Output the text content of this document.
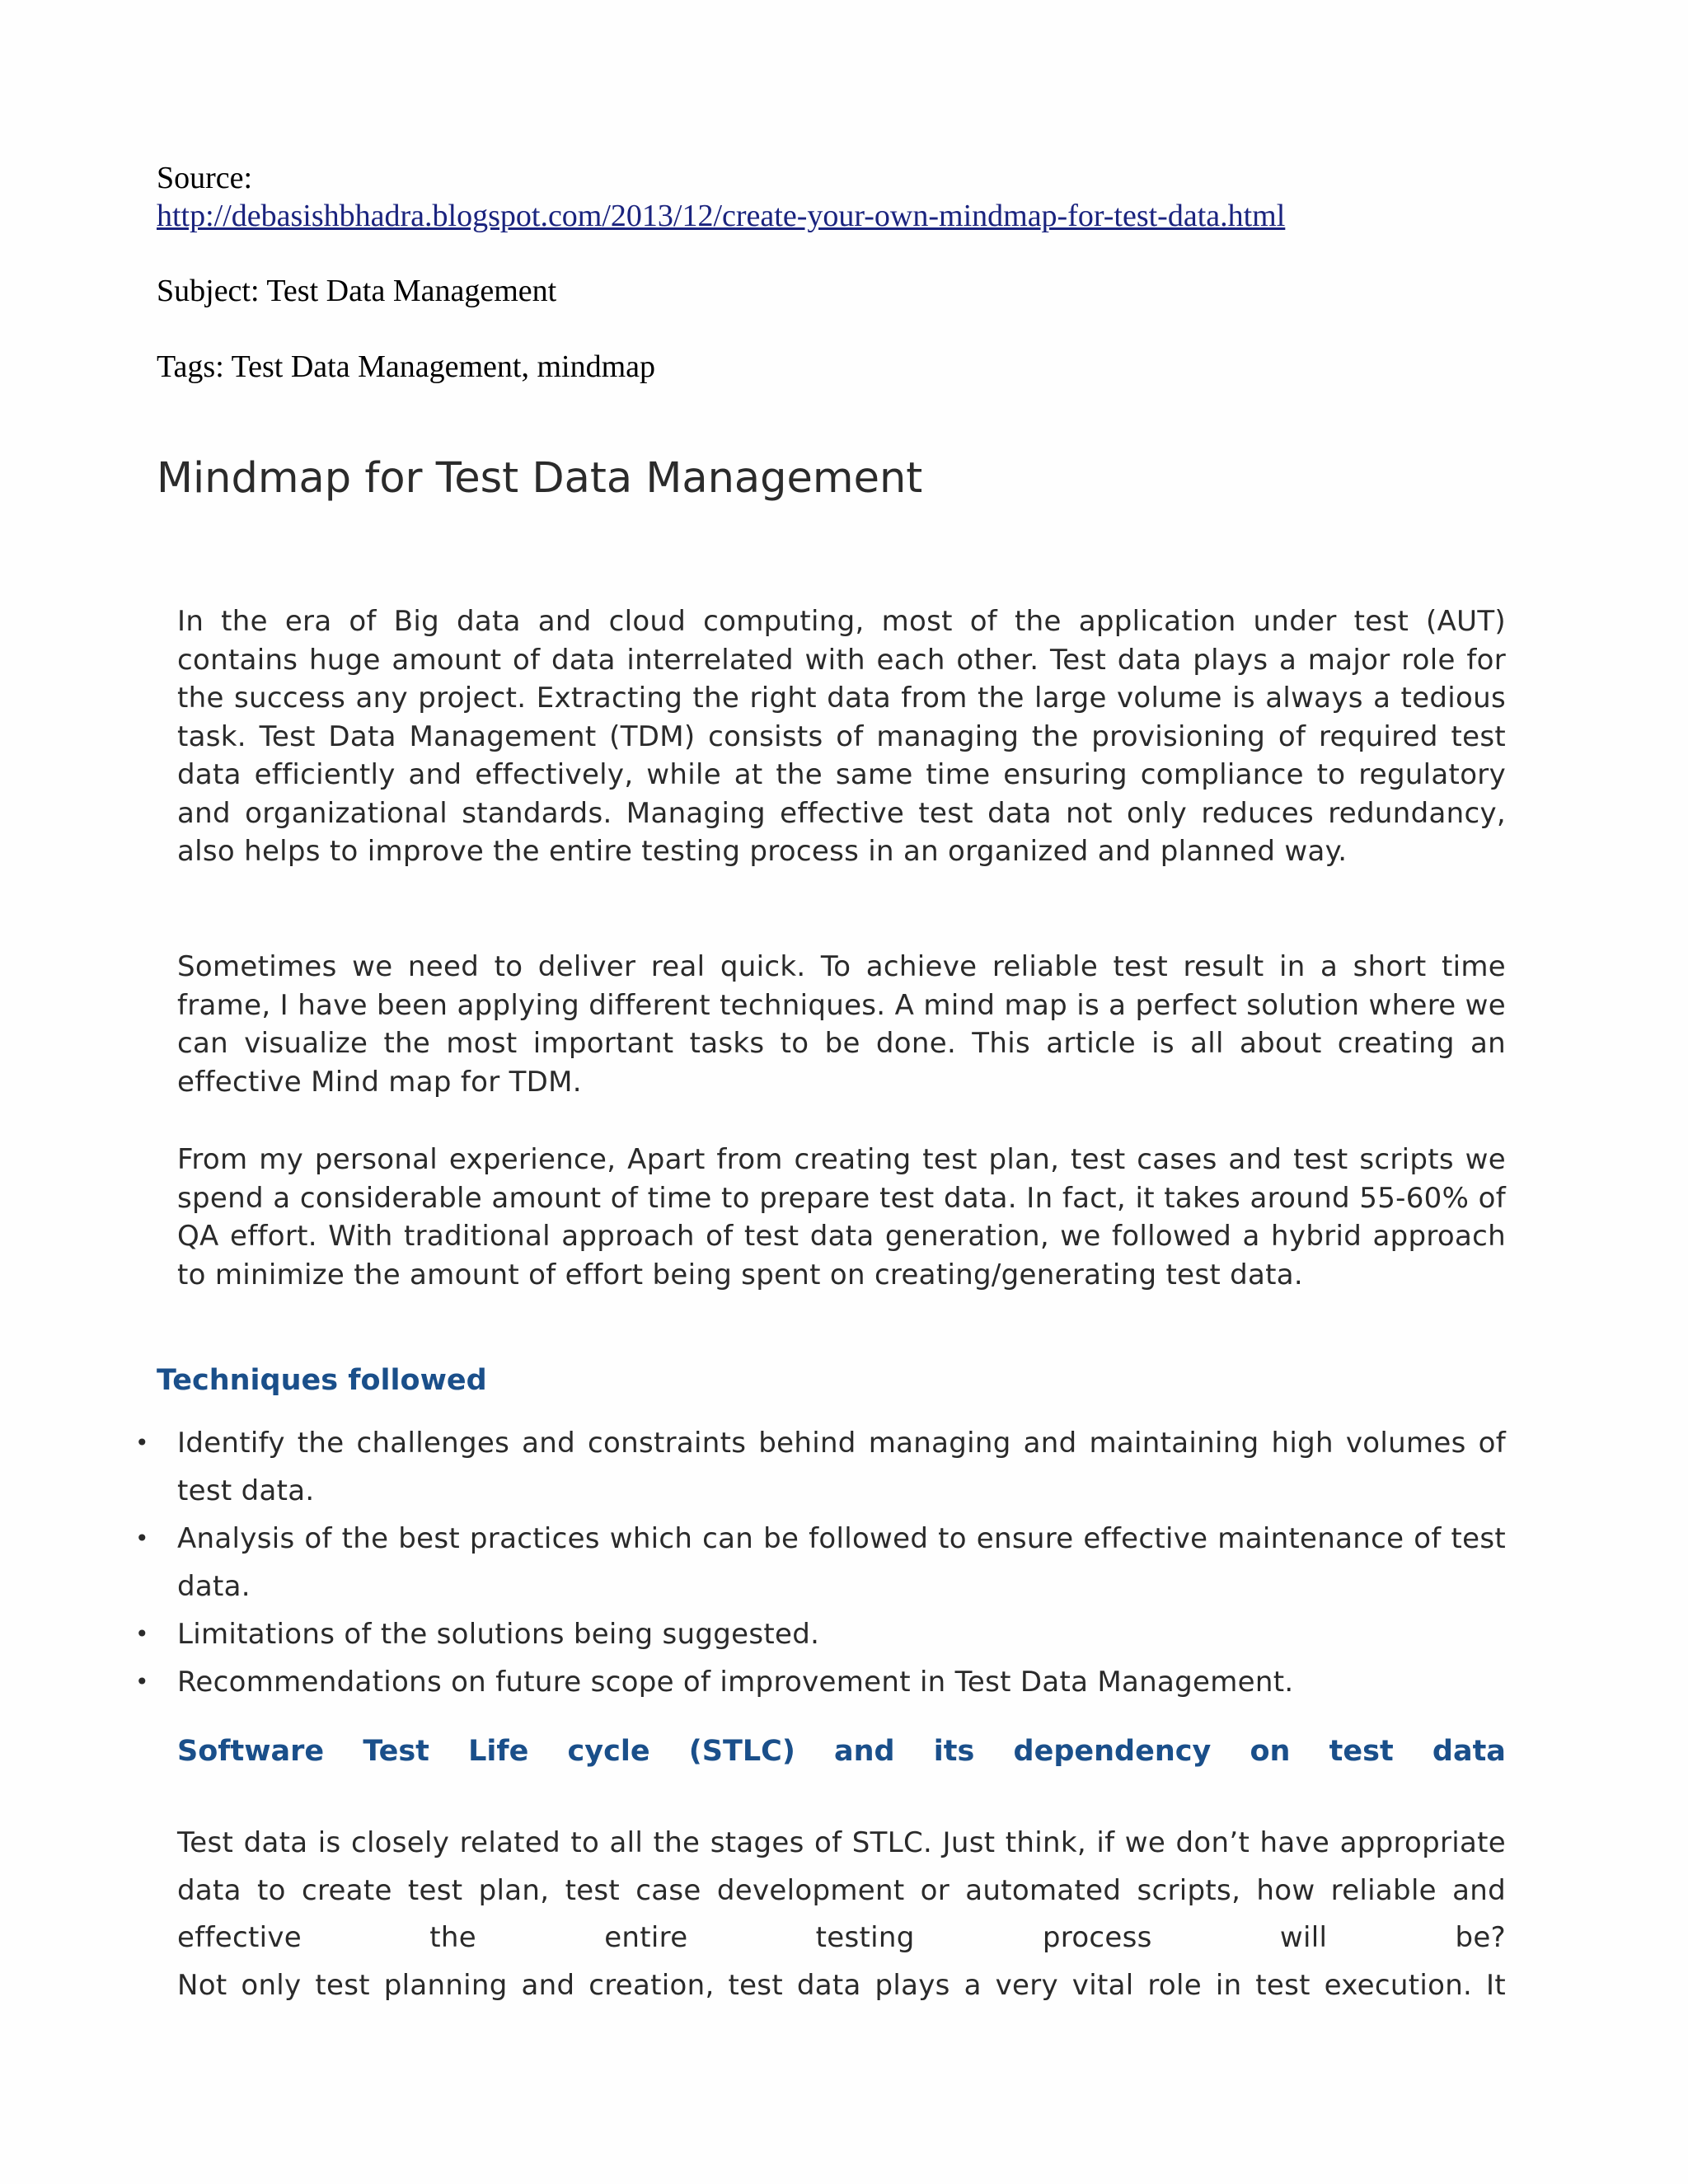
Source:
http://debasishbhadra.blogspot.com/2013/12/create-your-own-mindmap-for-test-data.html
Subject: Test Data Management
Tags: Test Data Management, mindmap
Mindmap for Test Data Management

In the era of Big data and cloud computing, most of the application under test (AUT) contains huge amount of data interrelated with each other. Test data plays a major role for the success any project. Extracting the right data from the large volume is always a tedious task. Test Data Management (TDM) consists of managing the provisioning of required test data efficiently and effectively, while at the same time ensuring compliance to regulatory and organizational standards. Managing effective test data not only reduces redundancy, also helps to improve the entire testing process in an organized and planned way.

Sometimes we need to deliver real quick. To achieve reliable test result in a short time frame, I have been applying different techniques. A mind map is a perfect solution where we can visualize the most important tasks to be done. This article is all about creating an effective Mind map for TDM.

From my personal experience, Apart from creating test plan, test cases and test scripts we spend a considerable amount of time to prepare test data. In fact, it takes around 55-60% of QA effort. With traditional approach of test data generation, we followed a hybrid approach to minimize the amount of effort being spent on creating/generating test data.

Techniques followed
• Identify the challenges and constraints behind managing and maintaining high volumes of test data.
• Analysis of the best practices which can be followed to ensure effective maintenance of test data.
• Limitations of the solutions being suggested.
• Recommendations on future scope of improvement in Test Data Management.
Software Test Life cycle (STLC) and its dependency on test data

Test data is closely related to all the stages of STLC. Just think, if we don’t have appropriate
data to create test plan, test case development or automated scripts, how reliable and
effective the entire testing process will be?
Not only test planning and creation, test data plays a very vital role in test execution. It
